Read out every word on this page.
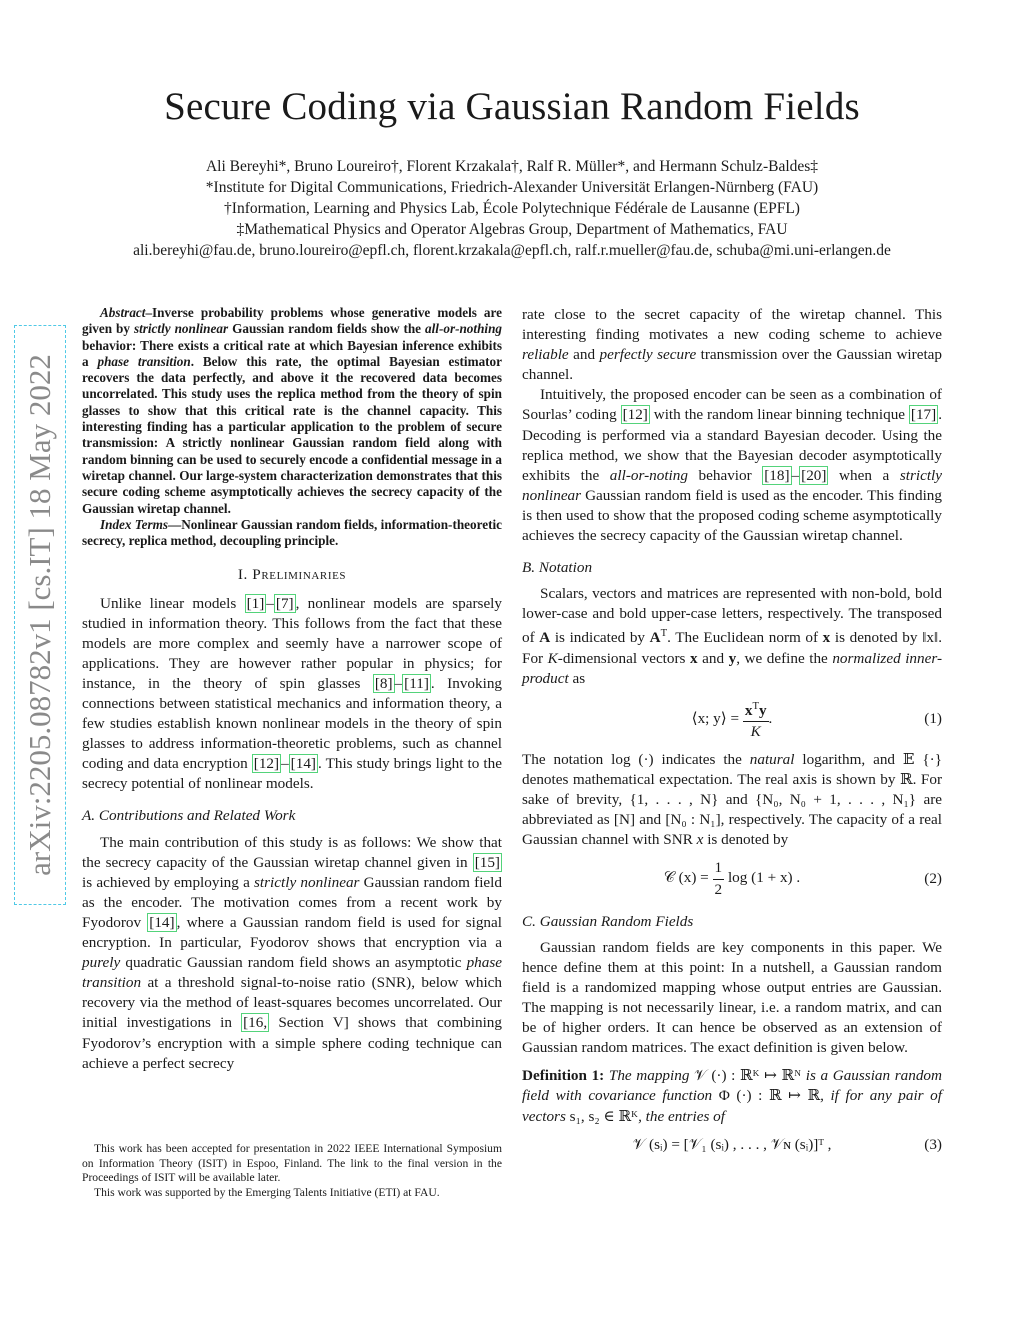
Secure Coding via Gaussian Random Fields
Ali Bereyhi*, Bruno Loureiro†, Florent Krzakala†, Ralf R. Müller*, and Hermann Schulz-Baldes‡
*Institute for Digital Communications, Friedrich-Alexander Universität Erlangen-Nürnberg (FAU)
†Information, Learning and Physics Lab, École Polytechnique Fédérale de Lausanne (EPFL)
‡Mathematical Physics and Operator Algebras Group, Department of Mathematics, FAU
ali.bereyhi@fau.de, bruno.loureiro@epfl.ch, florent.krzakala@epfl.ch, ralf.r.mueller@fau.de, schuba@mi.uni-erlangen.de
arXiv:2205.08782v1 [cs.IT] 18 May 2022

Abstract–Inverse probability problems whose generative models are given by strictly nonlinear Gaussian random fields show the all-or-nothing behavior: There exists a critical rate at which Bayesian inference exhibits a phase transition. Below this rate, the optimal Bayesian estimator recovers the data perfectly, and above it the recovered data becomes uncorrelated. This study uses the replica method from the theory of spin glasses to show that this critical rate is the channel capacity. This interesting finding has a particular application to the problem of secure transmission: A strictly nonlinear Gaussian random field along with random binning can be used to securely encode a confidential message in a wiretap channel. Our large-system characterization demonstrates that this secure coding scheme asymptotically achieves the secrecy capacity of the Gaussian wiretap channel.

Index Terms—Nonlinear Gaussian random fields, information-theoretic secrecy, replica method, decoupling principle.

I. Preliminaries

Unlike linear models [1] – [7] , nonlinear models are sparsely studied in information theory. This follows from the fact that these models are more complex and seemly have a narrower scope of applications. They are however rather popular in physics; for instance, in the theory of spin glasses [8] – [11] . Invoking connections between statistical mechanics and information theory, a few studies establish known nonlinear models in the theory of spin glasses to address information-theoretic problems, such as channel coding and data encryption [12] – [14] . This study brings light to the secrecy potential of nonlinear models.

A. Contributions and Related Work

The main contribution of this study is as follows: We show that the secrecy capacity of the Gaussian wiretap channel given in [15] is achieved by employing a strictly nonlinear Gaussian random field as the encoder. The motivation comes from a recent work by Fyodorov [14] , where a Gaussian random field is used for signal encryption. In particular, Fyodorov shows that encryption via a purely quadratic Gaussian random field shows an asymptotic phase transition at a threshold signal-to-noise ratio (SNR), below which recovery via the method of least-squares becomes uncorrelated. Our initial investigations in [16, Section V] shows that combining Fyodorov’s encryption with a simple sphere coding technique can achieve a perfect secrecy

This work has been accepted for presentation in 2022 IEEE International Symposium on Information Theory (ISIT) in Espoo, Finland. The link to the final version in the Proceedings of ISIT will be available later.

This work was supported by the Emerging Talents Initiative (ETI) at FAU.

rate close to the secret capacity of the wiretap channel. This interesting finding motivates a new coding scheme to achieve reliable and perfectly secure transmission over the Gaussian wiretap channel.

Intuitively, the proposed encoder can be seen as a combination of Sourlas’ coding [12] with the random linear binning technique [17] . Decoding is performed via a standard Bayesian decoder. Using the replica method, we show that the Bayesian decoder asymptotically exhibits the all-or-noting behavior [18] – [20] when a strictly nonlinear Gaussian random field is used as the encoder. This finding is then used to show that the proposed coding scheme asymptotically achieves the secrecy capacity of the Gaussian wiretap channel.

B. Notation

Scalars, vectors and matrices are represented with non-bold, bold lower-case and bold upper-case letters, respectively. The transposed of A is indicated by $A^T$. The Euclidean norm of x is denoted by ‖x‖. For K-dimensional vectors x and y, we define the normalized inner-product as

⟨x; y⟩ = $\frac{x^Ty}{K}$ .	(1)

The notation log (·) indicates the natural logarithm, and 𝔼 {·} denotes mathematical expectation. The real axis is shown by ℝ. For sake of brevity, {1, . . . , N} and {N₀, N₀ + 1, . . . , N₁} are abbreviated as [N] and [N₀ : N₁], respectively. The capacity of a real Gaussian channel with SNR x is denoted by

𝒞 $(x) = \frac{1}{2}$ log (1 + x) .	(2)

C. Gaussian Random Fields

Gaussian random fields are key components in this paper. We hence define them at this point: In a nutshell, a Gaussian random field is a randomized mapping whose output entries are Gaussian. The mapping is not necessarily linear, i.e. a random matrix, and can be of higher orders. It can hence be observed as an extension of Gaussian random matrices. The exact definition is given below.

Definition 1: The mapping 𝒱 (·) : ℝᴷ ↦ ℝᴺ is a Gaussian random field with covariance function Φ (·) : ℝ ↦ ℝ, if for any pair of vectors s₁, s₂ ∈ ℝᴷ, the entries of

𝒱 (sᵢ) = [𝒱₁ (sᵢ) , . . . , 𝒱ɴ (sᵢ)]ᵀ ,	(3)
